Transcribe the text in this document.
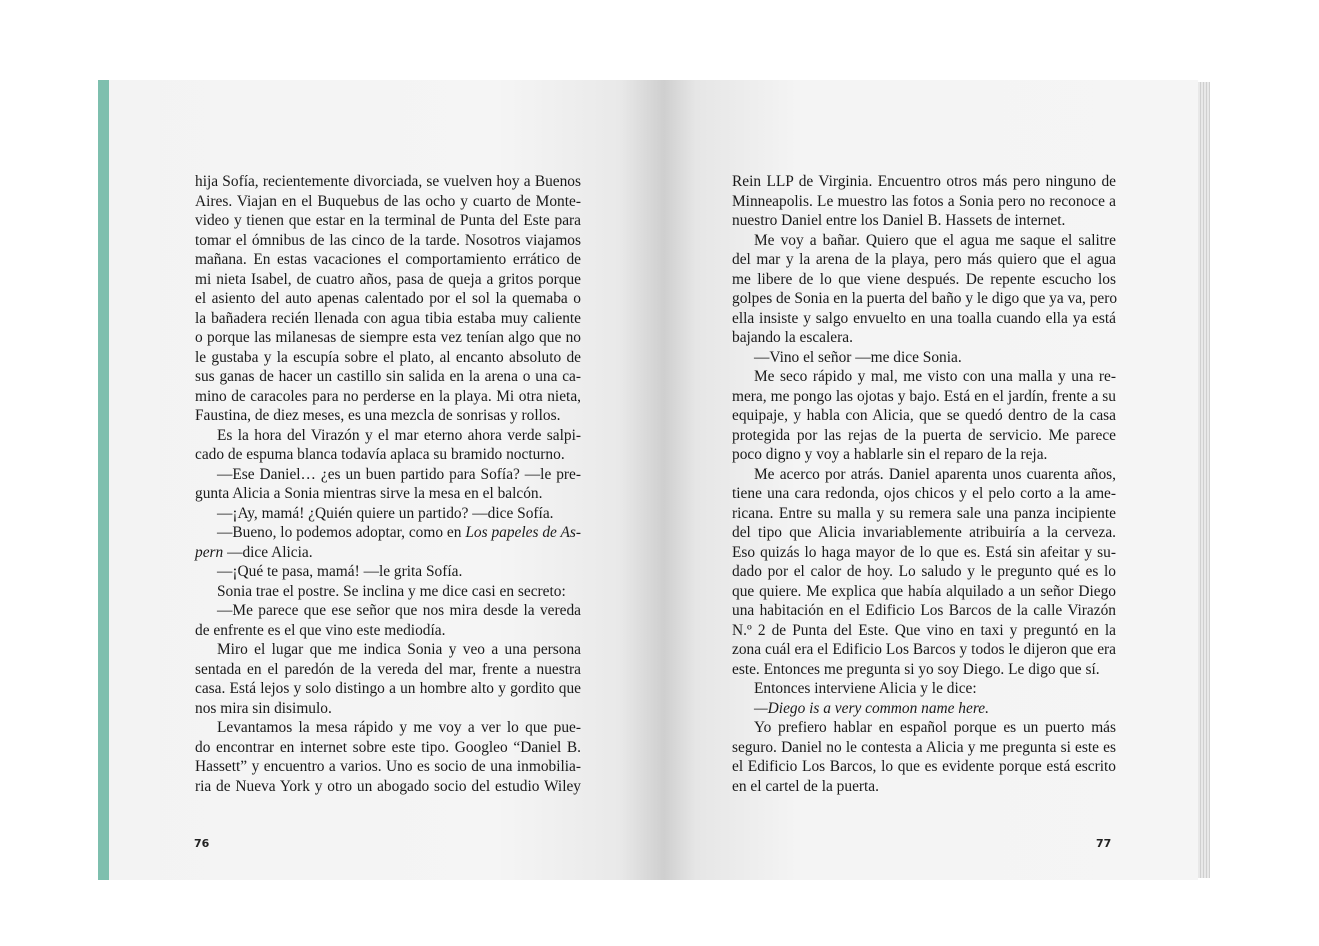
hija Sofía, recientemente divorciada, se vuelven hoy a Buenos
Aires. Viajan en el Buquebus de las ocho y cuarto de Monte-
video y tienen que estar en la terminal de Punta del Este para
tomar el ómnibus de las cinco de la tarde. Nosotros viajamos
mañana. En estas vacaciones el comportamiento errático de
mi nieta Isabel, de cuatro años, pasa de queja a gritos porque
el asiento del auto apenas calentado por el sol la quemaba o
la bañadera recién llenada con agua tibia estaba muy caliente
o porque las milanesas de siempre esta vez tenían algo que no
le gustaba y la escupía sobre el plato, al encanto absoluto de
sus ganas de hacer un castillo sin salida en la arena o una ca-
mino de caracoles para no perderse en la playa. Mi otra nieta,
Faustina, de diez meses, es una mezcla de sonrisas y rollos.
Es la hora del Virazón y el mar eterno ahora verde salpi-
cado de espuma blanca todavía aplaca su bramido nocturno.
—Ese Daniel… ¿es un buen partido para Sofía? —le pre-
gunta Alicia a Sonia mientras sirve la mesa en el balcón.
—¡Ay, mamá! ¿Quién quiere un partido? —dice Sofía.
—Bueno, lo podemos adoptar, como en Los papeles de As-
pern —dice Alicia.
—¡Qué te pasa, mamá! —le grita Sofía.
Sonia trae el postre. Se inclina y me dice casi en secreto:
—Me parece que ese señor que nos mira desde la vereda
de enfrente es el que vino este mediodía.
Miro el lugar que me indica Sonia y veo a una persona
sentada en el paredón de la vereda del mar, frente a nuestra
casa. Está lejos y solo distingo a un hombre alto y gordito que
nos mira sin disimulo.
Levantamos la mesa rápido y me voy a ver lo que pue-
do encontrar en internet sobre este tipo. Googleo “Daniel B.
Hassett” y encuentro a varios. Uno es socio de una inmobilia-
ria de Nueva York y otro un abogado socio del estudio Wiley
76
Rein LLP de Virginia. Encuentro otros más pero ninguno de
Minneapolis. Le muestro las fotos a Sonia pero no reconoce a
nuestro Daniel entre los Daniel B. Hassets de internet.
Me voy a bañar. Quiero que el agua me saque el salitre
del mar y la arena de la playa, pero más quiero que el agua
me libere de lo que viene después. De repente escucho los
golpes de Sonia en la puerta del baño y le digo que ya va, pero
ella insiste y salgo envuelto en una toalla cuando ella ya está
bajando la escalera.
—Vino el señor —me dice Sonia.
Me seco rápido y mal, me visto con una malla y una re-
mera, me pongo las ojotas y bajo. Está en el jardín, frente a su
equipaje, y habla con Alicia, que se quedó dentro de la casa
protegida por las rejas de la puerta de servicio. Me parece
poco digno y voy a hablarle sin el reparo de la reja.
Me acerco por atrás. Daniel aparenta unos cuarenta años,
tiene una cara redonda, ojos chicos y el pelo corto a la ame-
ricana. Entre su malla y su remera sale una panza incipiente
del tipo que Alicia invariablemente atribuiría a la cerveza.
Eso quizás lo haga mayor de lo que es. Está sin afeitar y su-
dado por el calor de hoy. Lo saludo y le pregunto qué es lo
que quiere. Me explica que había alquilado a un señor Diego
una habitación en el Edificio Los Barcos de la calle Virazón
N.º 2 de Punta del Este. Que vino en taxi y preguntó en la
zona cuál era el Edificio Los Barcos y todos le dijeron que era
este. Entonces me pregunta si yo soy Diego. Le digo que sí.
Entonces interviene Alicia y le dice:
—Diego is a very common name here.
Yo prefiero hablar en español porque es un puerto más
seguro. Daniel no le contesta a Alicia y me pregunta si este es
el Edificio Los Barcos, lo que es evidente porque está escrito
en el cartel de la puerta.
77
